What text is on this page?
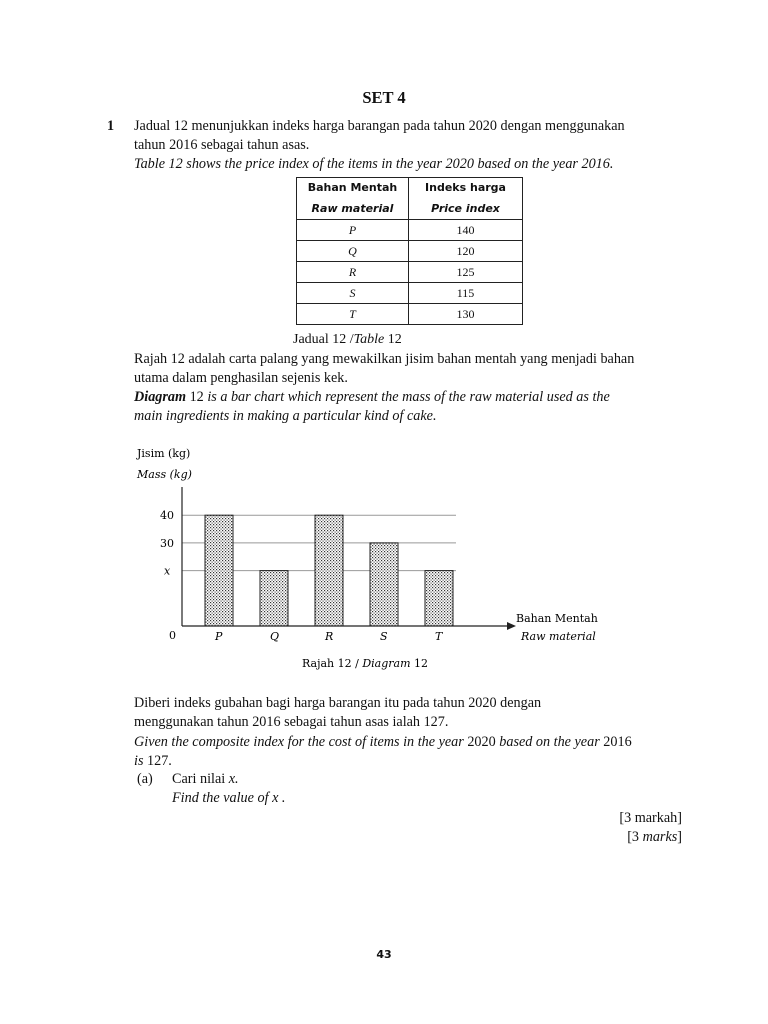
SET 4
1 Jadual 12 menunjukkan indeks harga barangan pada tahun 2020 dengan menggunakan
tahun 2016 sebagai tahun asas.
Table 12 shows the price index of the items in the year 2020 based on the year 2016.
Bahan Mentah	Indeks harga
Raw material	Price index
P	140
Q	120
R	125
S	115
T	130
Jadual 12 /Table 12
Rajah 12 adalah carta palang yang mewakilkan jisim bahan mentah yang menjadi bahan
utama dalam penghasilan sejenis kek.
Diagram 12 is a bar chart which represent the mass of the raw material used as the
main ingredients in making a particular kind of cake.
Jisim (kg)
Mass (kg)
40
30
x
0	P	Q	R	S	T
Bahan Mentah
Raw material
Rajah 12 / Diagram 12
Diberi indeks gubahan bagi harga barangan itu pada tahun 2020 dengan
menggunakan tahun 2016 sebagai tahun asas ialah 127.
Given the composite index for the cost of items in the year 2020 based on the year 2016
is 127.
(a) Cari nilai x.
Find the value of x .
[3 markah]
[3 marks]
43
